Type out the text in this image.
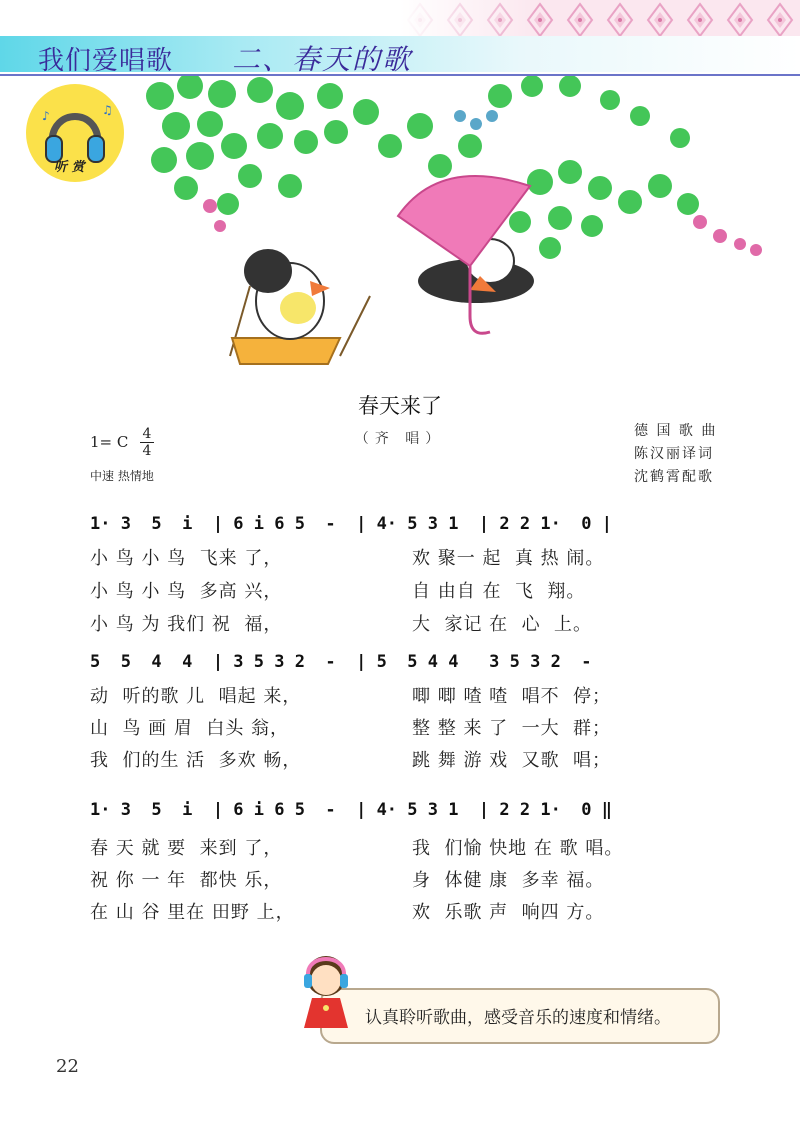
我们爱唱歌 二、春天的歌
♪	♫
听 赏
春天来了
（齐 唱）	德 国 歌 曲
陈汉丽译词
沈鹤霄配歌
1= C 4
4
中速 热情地
1· 3  5  i  | 6 i 6 5  -  | 4· 5 3 1  | 2 2 1·  0 |
5  5  4  4  | 3 5 3 2  -  | 5  5 4 4   3 5 3 2  -
1· 3  5  i  | 6 i 6 5  -  | 4· 5 3 1  | 2 2 1·  0 ‖
小 鸟 小 鸟  飞来 了，	欢 聚一 起  真 热 闹。
小 鸟 小 鸟  多高 兴，	自 由自 在  飞  翔。
小 鸟 为 我们 祝  福，	大  家记 在  心  上。
动  听的歌 儿  唱起 来，	唧 唧 喳 喳  唱不  停；
山  鸟 画 眉  白头 翁，	整 整 来 了  一大  群；
我  们的生 活  多欢 畅，	跳 舞 游 戏  又歌  唱；
春 天 就 要  来到 了，	我  们愉 快地 在 歌 唱。
祝 你 一 年  都快 乐，	身  体健 康  多幸 福。
在 山 谷 里在 田野 上，	欢  乐歌 声  响四 方。
认真聆听歌曲，感受音乐的速度和情绪。
22
